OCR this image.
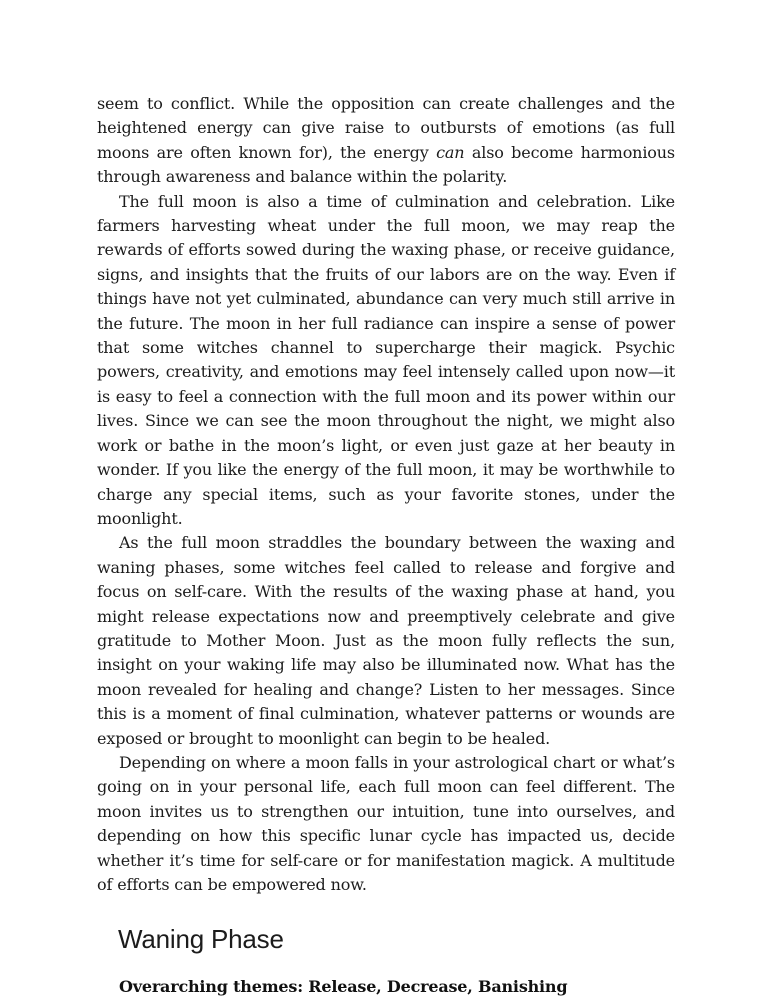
seem to conflict. While the opposition can create challenges and the heightened energy can give raise to outbursts of emotions (as full moons are often known for), the energy can also become harmonious through awareness and balance within the polarity.

The full moon is also a time of culmination and celebration. Like farmers harvesting wheat under the full moon, we may reap the rewards of efforts sowed during the waxing phase, or receive guidance, signs, and insights that the fruits of our labors are on the way. Even if things have not yet culminated, abundance can very much still arrive in the future. The moon in her full radiance can inspire a sense of power that some witches channel to supercharge their magick. Psychic powers, creativity, and emotions may feel intensely called upon now—it is easy to feel a connection with the full moon and its power within our lives. Since we can see the moon throughout the night, we might also work or bathe in the moon’s light, or even just gaze at her beauty in wonder. If you like the energy of the full moon, it may be worthwhile to charge any special items, such as your favorite stones, under the moonlight.

As the full moon straddles the boundary between the waxing and waning phases, some witches feel called to release and forgive and focus on self-care. With the results of the waxing phase at hand, you might release expectations now and preemptively celebrate and give gratitude to Mother Moon. Just as the moon fully reflects the sun, insight on your waking life may also be illuminated now. What has the moon revealed for healing and change? Listen to her messages. Since this is a moment of final culmination, whatever patterns or wounds are exposed or brought to moonlight can begin to be healed.

Depending on where a moon falls in your astrological chart or what’s going on in your personal life, each full moon can feel different. The moon invites us to strengthen our intuition, tune into ourselves, and depending on how this specific lunar cycle has impacted us, decide whether it’s time for self-care or for manifestation magick. A multitude of efforts can be empowered now.

Waning Phase
Overarching themes: Release, Decrease, Banishing
